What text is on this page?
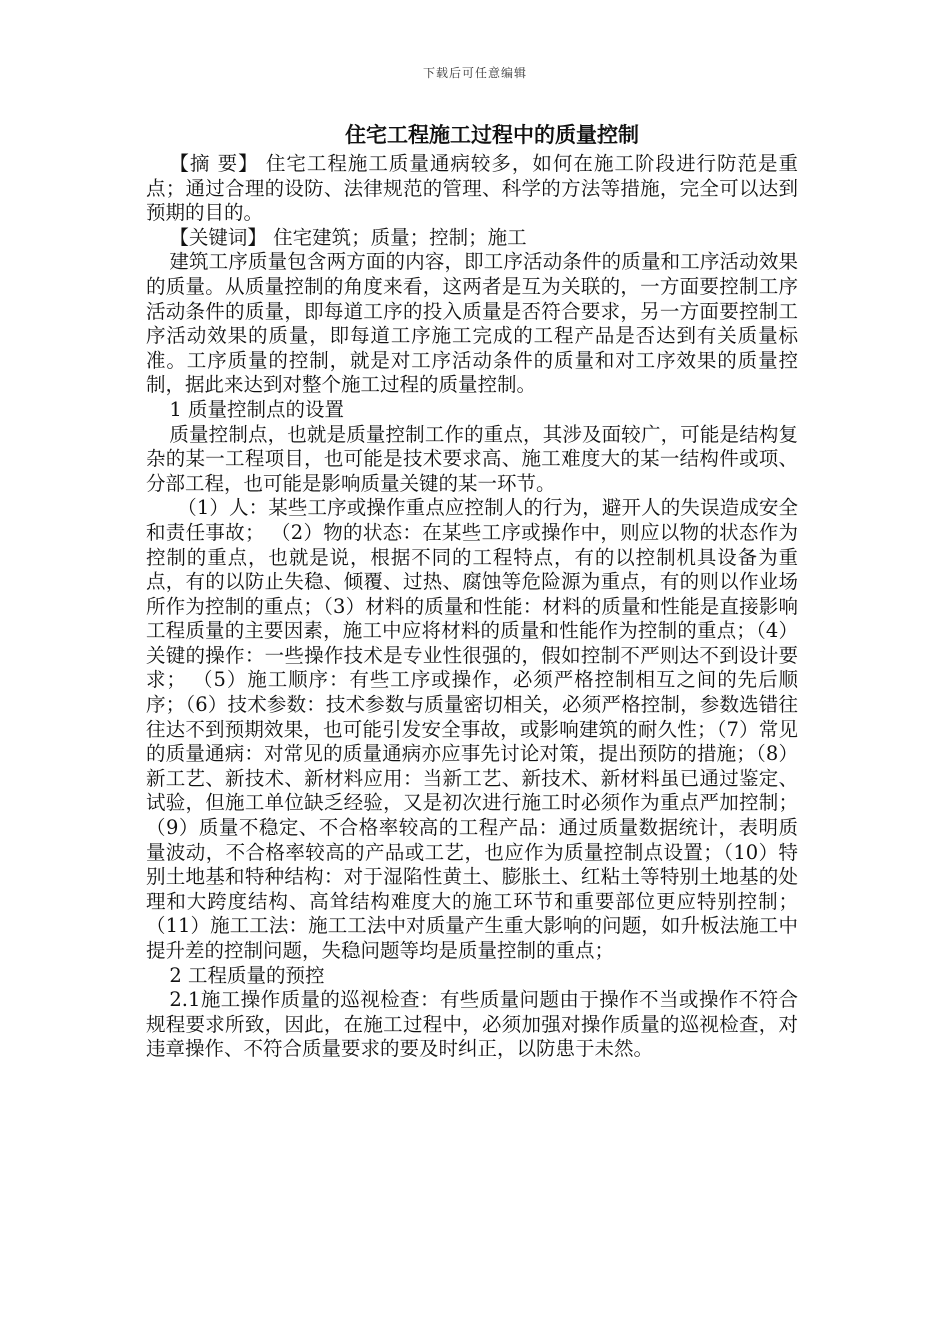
下载后可任意编辑
住宅工程施工过程中的质量控制

【摘 要】 住宅工程施工质量通病较多，如何在施工阶段进行防范是重点；通过合理的设防、法律规范的管理、科学的方法等措施，完全可以达到预期的目的。

【关键词】 住宅建筑；质量；控制；施工

建筑工序质量包含两方面的内容，即工序活动条件的质量和工序活动效果的质量。从质量控制的角度来看，这两者是互为关联的，一方面要控制工序活动条件的质量，即每道工序的投入质量是否符合要求，另一方面要控制工序活动效果的质量，即每道工序施工完成的工程产品是否达到有关质量标准。工序质量的控制，就是对工序活动条件的质量和对工序效果的质量控制，据此来达到对整个施工过程的质量控制。

1 质量控制点的设置

质量控制点，也就是质量控制工作的重点，其涉及面较广，可能是结构复杂的某一工程项目，也可能是技术要求高、施工难度大的某一结构件或项、分部工程，也可能是影响质量关键的某一环节。

（1）人：某些工序或操作重点应控制人的行为，避开人的失误造成安全和责任事故； （2）物的状态：在某些工序或操作中，则应以物的状态作为控制的重点，也就是说，根据不同的工程特点，有的以控制机具设备为重点，有的以防止失稳、倾覆、过热、腐蚀等危险源为重点，有的则以作业场所作为控制的重点；（3）材料的质量和性能：材料的质量和性能是直接影响工程质量的主要因素，施工中应将材料的质量和性能作为控制的重点；（4）关键的操作：一些操作技术是专业性很强的，假如控制不严则达不到设计要求； （5）施工顺序：有些工序或操作，必须严格控制相互之间的先后顺序；（6）技术参数：技术参数与质量密切相关，必须严格控制，参数选错往往达不到预期效果，也可能引发安全事故，或影响建筑的耐久性；（7）常见的质量通病：对常见的质量通病亦应事先讨论对策，提出预防的措施；（8）新工艺、新技术、新材料应用：当新工艺、新技术、新材料虽已通过鉴定、试验，但施工单位缺乏经验，又是初次进行施工时必须作为重点严加控制；（9）质量不稳定、不合格率较高的工程产品：通过质量数据统计，表明质量波动，不合格率较高的产品或工艺，也应作为质量控制点设置；（10）特别土地基和特种结构：对于湿陷性黄土、膨胀土、红粘土等特别土地基的处理和大跨度结构、高耸结构难度大的施工环节和重要部位更应特别控制；（11）施工工法：施工工法中对质量产生重大影响的问题，如升板法施工中提升差的控制问题，失稳问题等均是质量控制的重点；

2 工程质量的预控

2.1施工操作质量的巡视检查：有些质量问题由于操作不当或操作不符合规程要求所致，因此，在施工过程中，必须加强对操作质量的巡视检查，对违章操作、不符合质量要求的要及时纠正，以防患于未然。
